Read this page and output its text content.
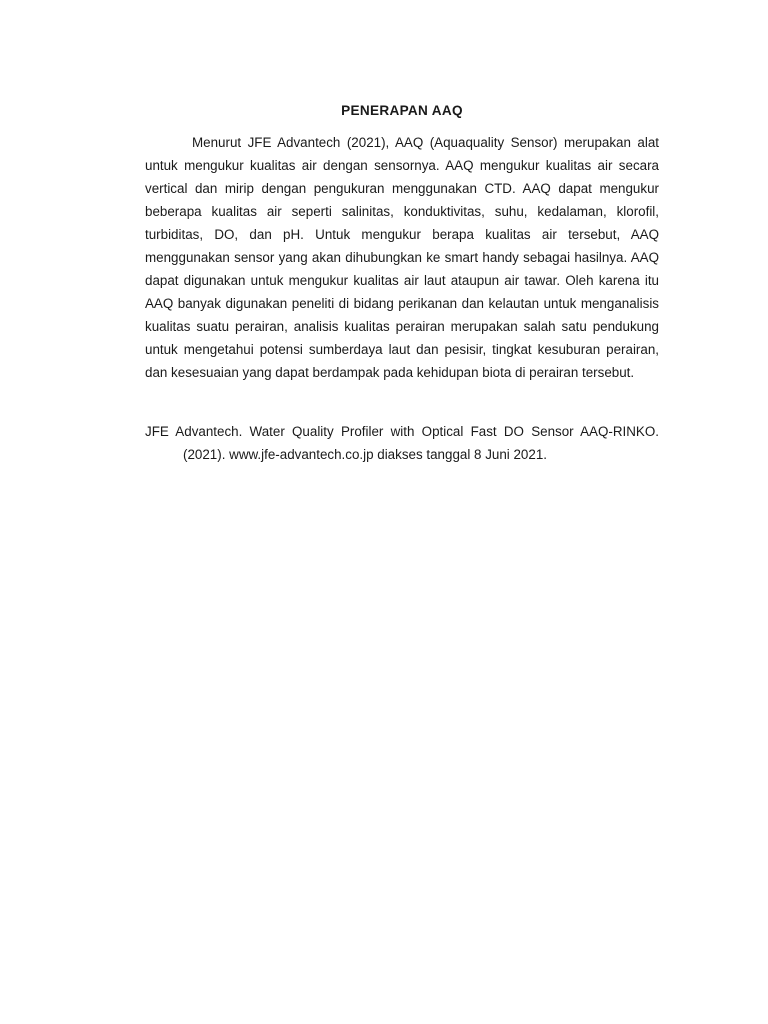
PENERAPAN AAQ

Menurut JFE Advantech (2021), AAQ (Aquaquality Sensor) merupakan alat untuk mengukur kualitas air dengan sensornya. AAQ mengukur kualitas air secara vertical dan mirip dengan pengukuran menggunakan CTD. AAQ dapat mengukur beberapa kualitas air seperti salinitas, konduktivitas, suhu, kedalaman, klorofil, turbiditas, DO, dan pH. Untuk mengukur berapa kualitas air tersebut, AAQ menggunakan sensor yang akan dihubungkan ke smart handy sebagai hasilnya. AAQ dapat digunakan untuk mengukur kualitas air laut ataupun air tawar. Oleh karena itu AAQ banyak digunakan peneliti di bidang perikanan dan kelautan untuk menganalisis kualitas suatu perairan, analisis kualitas perairan merupakan salah satu pendukung untuk mengetahui potensi sumberdaya laut dan pesisir, tingkat kesuburan perairan, dan kesesuaian yang dapat berdampak pada kehidupan biota di perairan tersebut.

JFE Advantech. Water Quality Profiler with Optical Fast DO Sensor AAQ-RINKO. (2021). www.jfe-advantech.co.jp diakses tanggal 8 Juni 2021.
